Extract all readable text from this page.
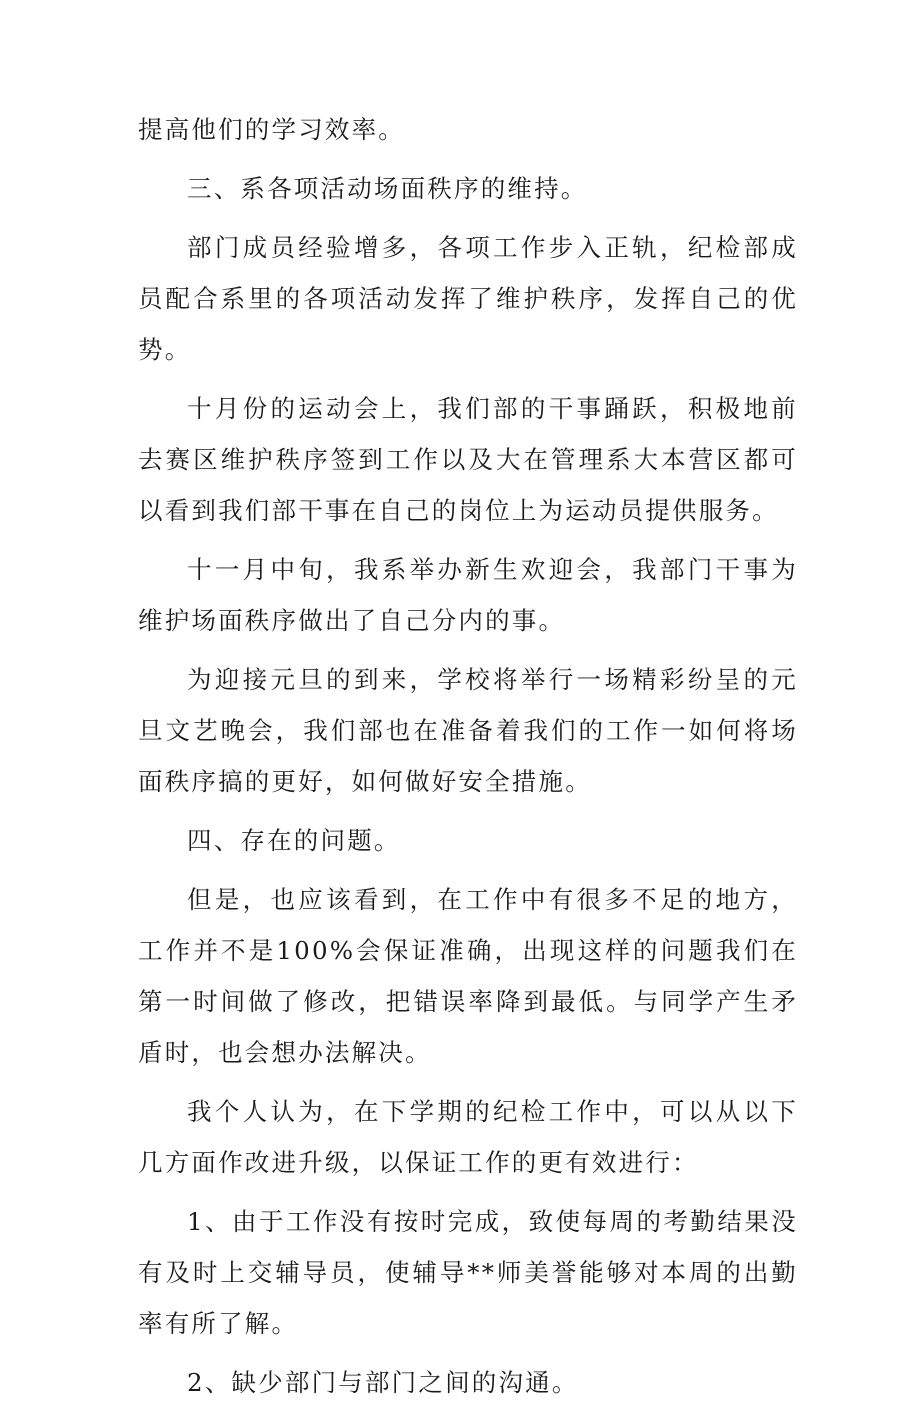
提高他们的学习效率。

三、系各项活动场面秩序的维持。

部门成员经验增多，各项工作步入正轨，纪检部成员配合系里的各项活动发挥了维护秩序，发挥自己的优势。

十月份的运动会上，我们部的干事踊跃，积极地前去赛区维护秩序签到工作以及大在管理系大本营区都可以看到我们部干事在自己的岗位上为运动员提供服务。

十一月中旬，我系举办新生欢迎会，我部门干事为维护场面秩序做出了自己分内的事。

为迎接元旦的到来，学校将举行一场精彩纷呈的元旦文艺晚会，我们部也在准备着我们的工作一如何将场面秩序搞的更好，如何做好安全措施。

四、存在的问题。

但是，也应该看到，在工作中有很多不足的地方，工作并不是100%会保证准确，出现这样的问题我们在第一时间做了修改，把错误率降到最低。与同学产生矛盾时，也会想办法解决。

我个人认为，在下学期的纪检工作中，可以从以下几方面作改进升级，以保证工作的更有效进行：

1、由于工作没有按时完成，致使每周的考勤结果没有及时上交辅导员，使辅导**师美誉能够对本周的出勤率有所了解。

2、缺少部门与部门之间的沟通。
